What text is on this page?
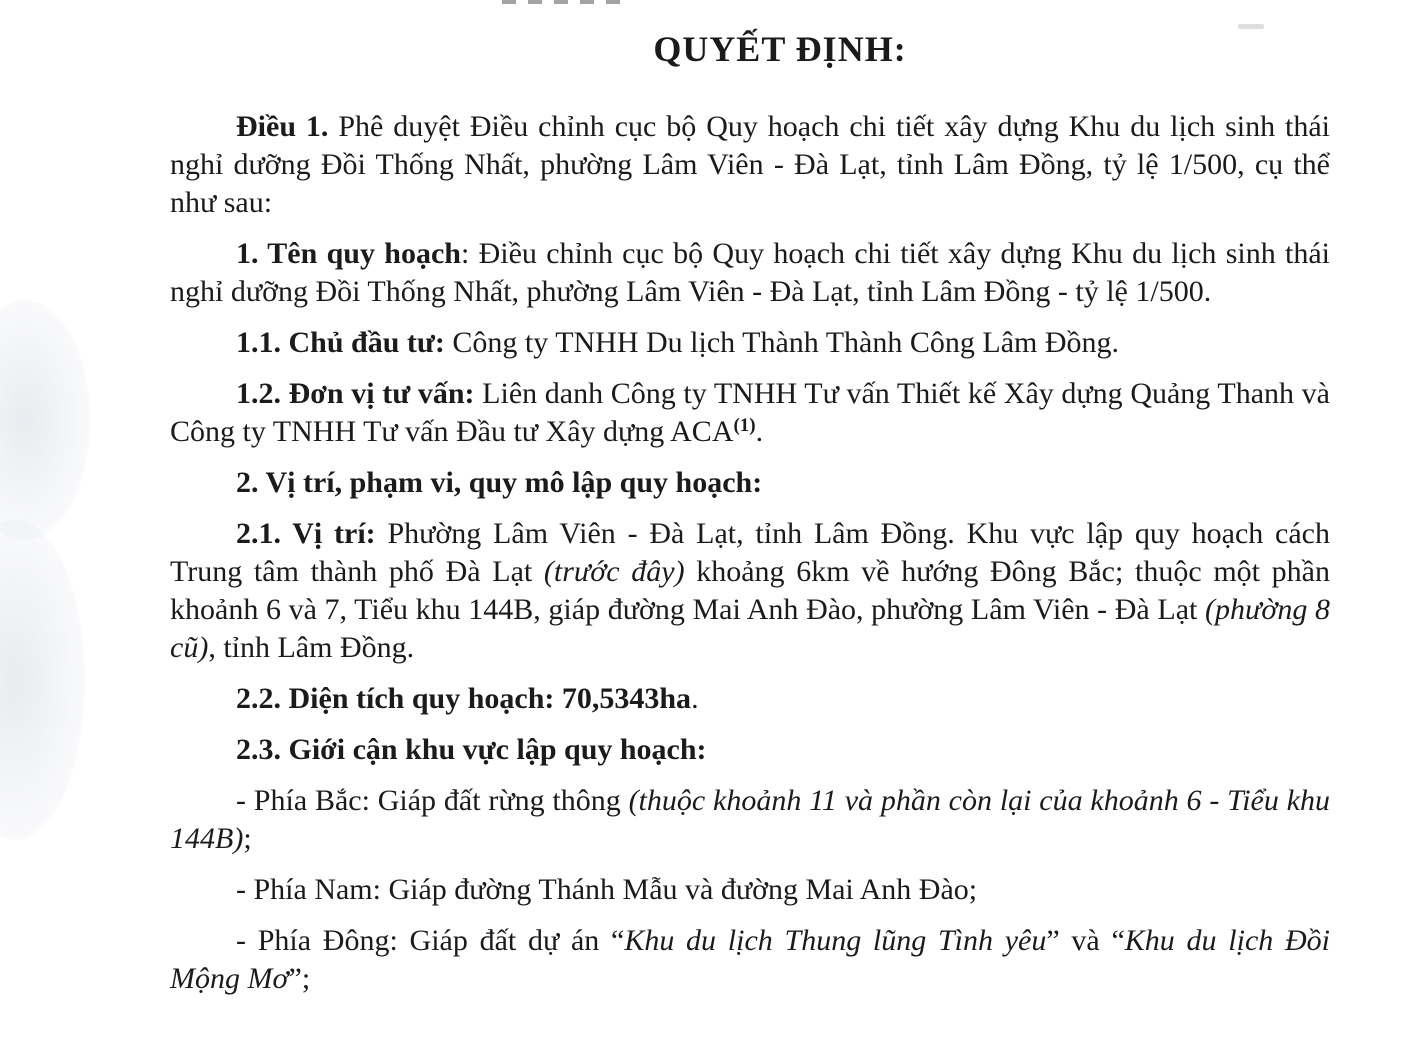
QUYẾT ĐỊNH:

Điều 1. Phê duyệt Điều chỉnh cục bộ Quy hoạch chi tiết xây dựng Khu du lịch sinh thái nghỉ dưỡng Đồi Thống Nhất, phường Lâm Viên - Đà Lạt, tỉnh Lâm Đồng, tỷ lệ 1/500, cụ thể như sau:

1. Tên quy hoạch: Điều chỉnh cục bộ Quy hoạch chi tiết xây dựng Khu du lịch sinh thái nghỉ dưỡng Đồi Thống Nhất, phường Lâm Viên - Đà Lạt, tỉnh Lâm Đồng - tỷ lệ 1/500.

1.1. Chủ đầu tư: Công ty TNHH Du lịch Thành Thành Công Lâm Đồng.

1.2. Đơn vị tư vấn: Liên danh Công ty TNHH Tư vấn Thiết kế Xây dựng Quảng Thanh và Công ty TNHH Tư vấn Đầu tư Xây dựng ACA$^{(1)}$.

2. Vị trí, phạm vi, quy mô lập quy hoạch:

2.1. Vị trí: Phường Lâm Viên - Đà Lạt, tỉnh Lâm Đồng. Khu vực lập quy hoạch cách Trung tâm thành phố Đà Lạt (trước đây) khoảng 6km về hướng Đông Bắc; thuộc một phần khoảnh 6 và 7, Tiểu khu 144B, giáp đường Mai Anh Đào, phường Lâm Viên - Đà Lạt (phường 8 cũ), tỉnh Lâm Đồng.

2.2. Diện tích quy hoạch: 70,5343ha.

2.3. Giới cận khu vực lập quy hoạch:

- Phía Bắc: Giáp đất rừng thông (thuộc khoảnh 11 và phần còn lại của khoảnh 6 - Tiểu khu 144B);

- Phía Nam: Giáp đường Thánh Mẫu và đường Mai Anh Đào;

- Phía Đông: Giáp đất dự án “Khu du lịch Thung lũng Tình yêu” và “Khu du lịch Đồi Mộng Mơ”;
